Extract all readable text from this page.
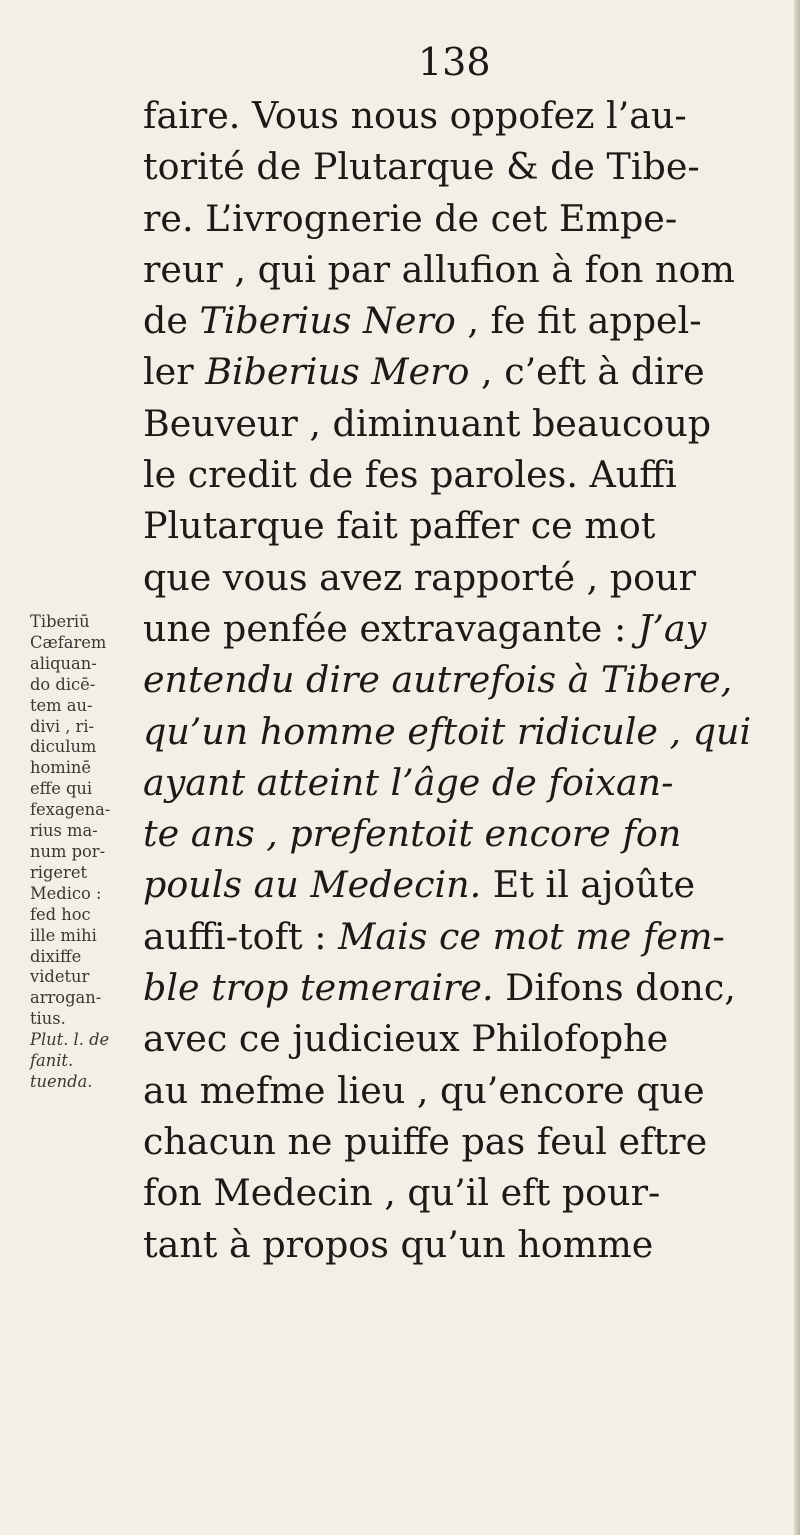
138
faire. Vous nous oppofez l’au-
torité de Plutarque & de Tibe-
re. L’ivrognerie de cet Empe-
reur , qui par allufion à fon nom
de Tiberius Nero , fe fit appel-
ler Biberius Mero , c’eft à dire
Beuveur , diminuant beaucoup
le credit de fes paroles. Auffi
Plutarque fait paffer ce mot
que vous avez rapporté , pour
une penfée extravagante : J’ay
entendu dire autrefois à Tibere,
qu’un homme eftoit ridicule , qui
ayant atteint l’âge de foixan-
te ans , prefentoit encore fon
pouls au Medecin. Et il ajoûte
auffi-toft : Mais ce mot me fem-
ble trop temeraire. Difons donc,
avec ce judicieux Philofophe
au mefme lieu , qu’encore que
chacun ne puiffe pas feul eftre
fon Medecin , qu’il eft pour-
tant à propos qu’un homme
Tiberiū
Cæfarem
aliquan-
do dicē-
tem au-
divi , ri-
diculum
hominē
effe qui
fexagena-
rius ma-
num por-
rigeret
Medico :
fed hoc
ille mihi
dixiffe
videtur
arrogan-
tius.
Plut. l. de
fanit.
tuenda.
